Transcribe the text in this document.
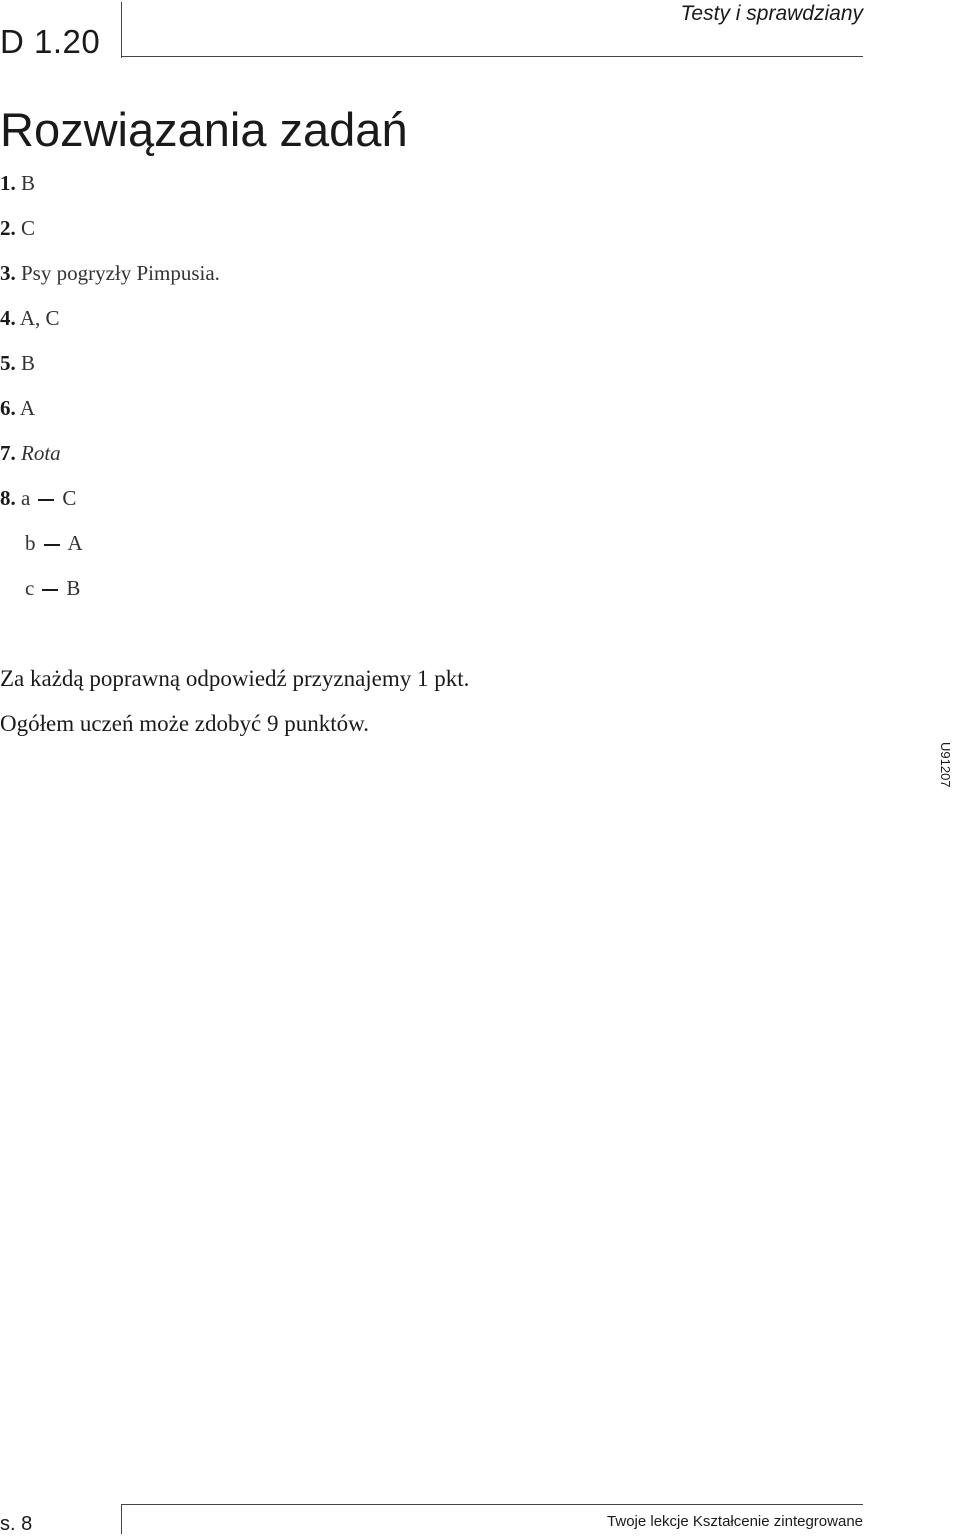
D 1.20
Testy i sprawdziany
Rozwiązania zadań
1. B
2. C
3. Psy pogryzły Pimpusia.
4. A, C
5. B
6. A
7. Rota
8. a C
b A
c B
Za każdą poprawną odpowiedź przyznajemy 1 pkt.
Ogółem uczeń może zdobyć 9 punktów.
U91207
s. 8	Twoje lekcje Kształcenie zintegrowane
